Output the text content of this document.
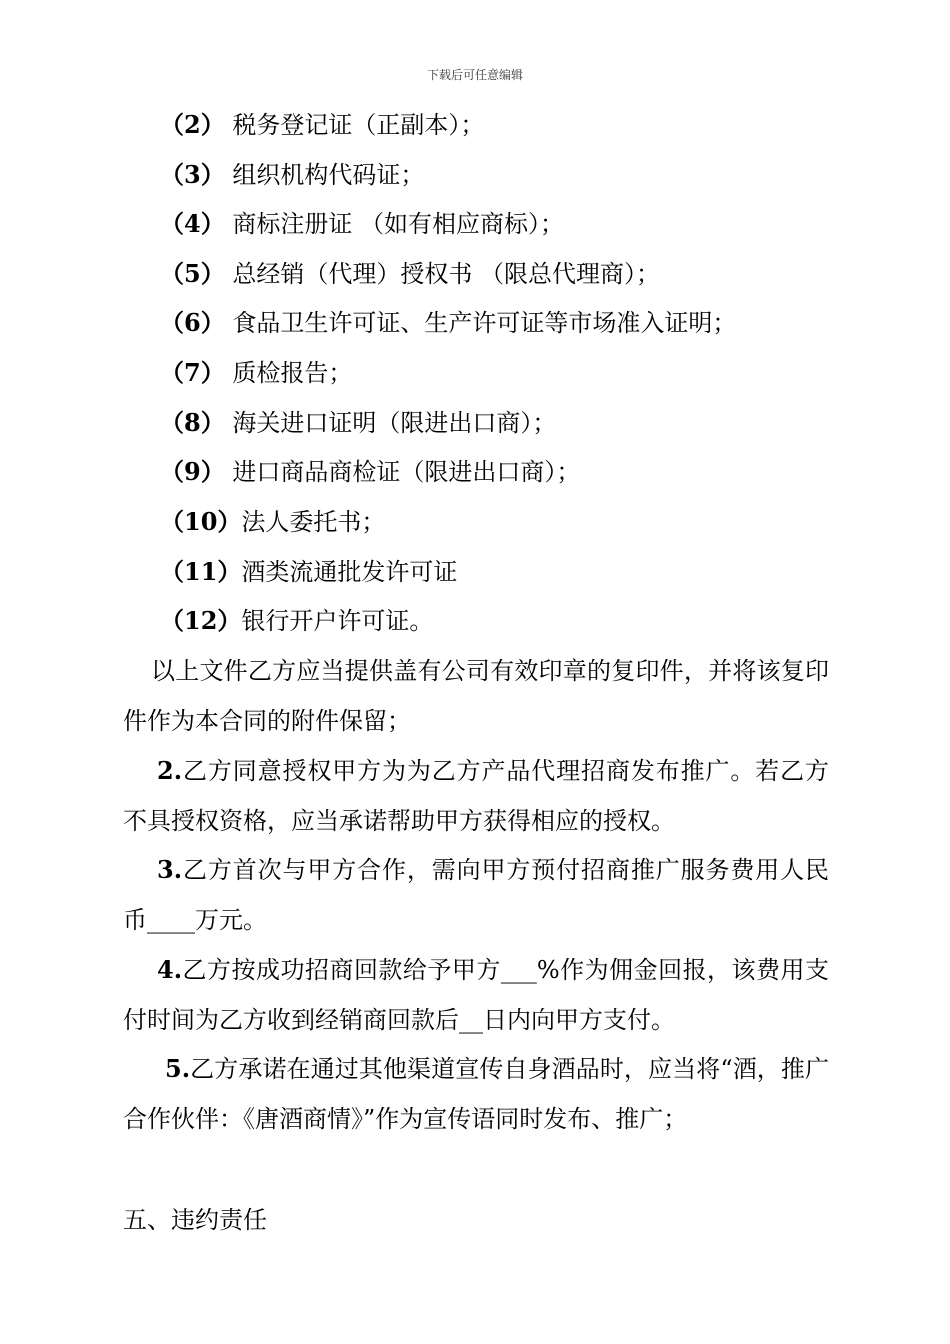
下载后可任意编辑
（2） 税务登记证（正副本）；
（3） 组织机构代码证；
（4） 商标注册证 （如有相应商标）；
（5） 总经销（代理）授权书 （限总代理商）；
（6） 食品卫生许可证、生产许可证等市场准入证明；
（7） 质检报告；
（8） 海关进口证明（限进出口商）；
（9） 进口商品商检证（限进出口商）；
（10）法人委托书；
（11）酒类流通批发许可证
（12）银行开户许可证。
以上文件乙方应当提供盖有公司有效印章的复印件，并将该复印件作为本合同的附件保留；
2.乙方同意授权甲方为为乙方产品代理招商发布推广。若乙方不具授权资格，应当承诺帮助甲方获得相应的授权。
3.乙方首次与甲方合作，需向甲方预付招商推广服务费用人民币____万元。
4.乙方按成功招商回款给予甲方___%作为佣金回报，该费用支付时间为乙方收到经销商回款后__日内向甲方支付。
5.乙方承诺在通过其他渠道宣传自身酒品时，应当将“酒，推广合作伙伴：《唐酒商情》”作为宣传语同时发布、推广；
五、违约责任
